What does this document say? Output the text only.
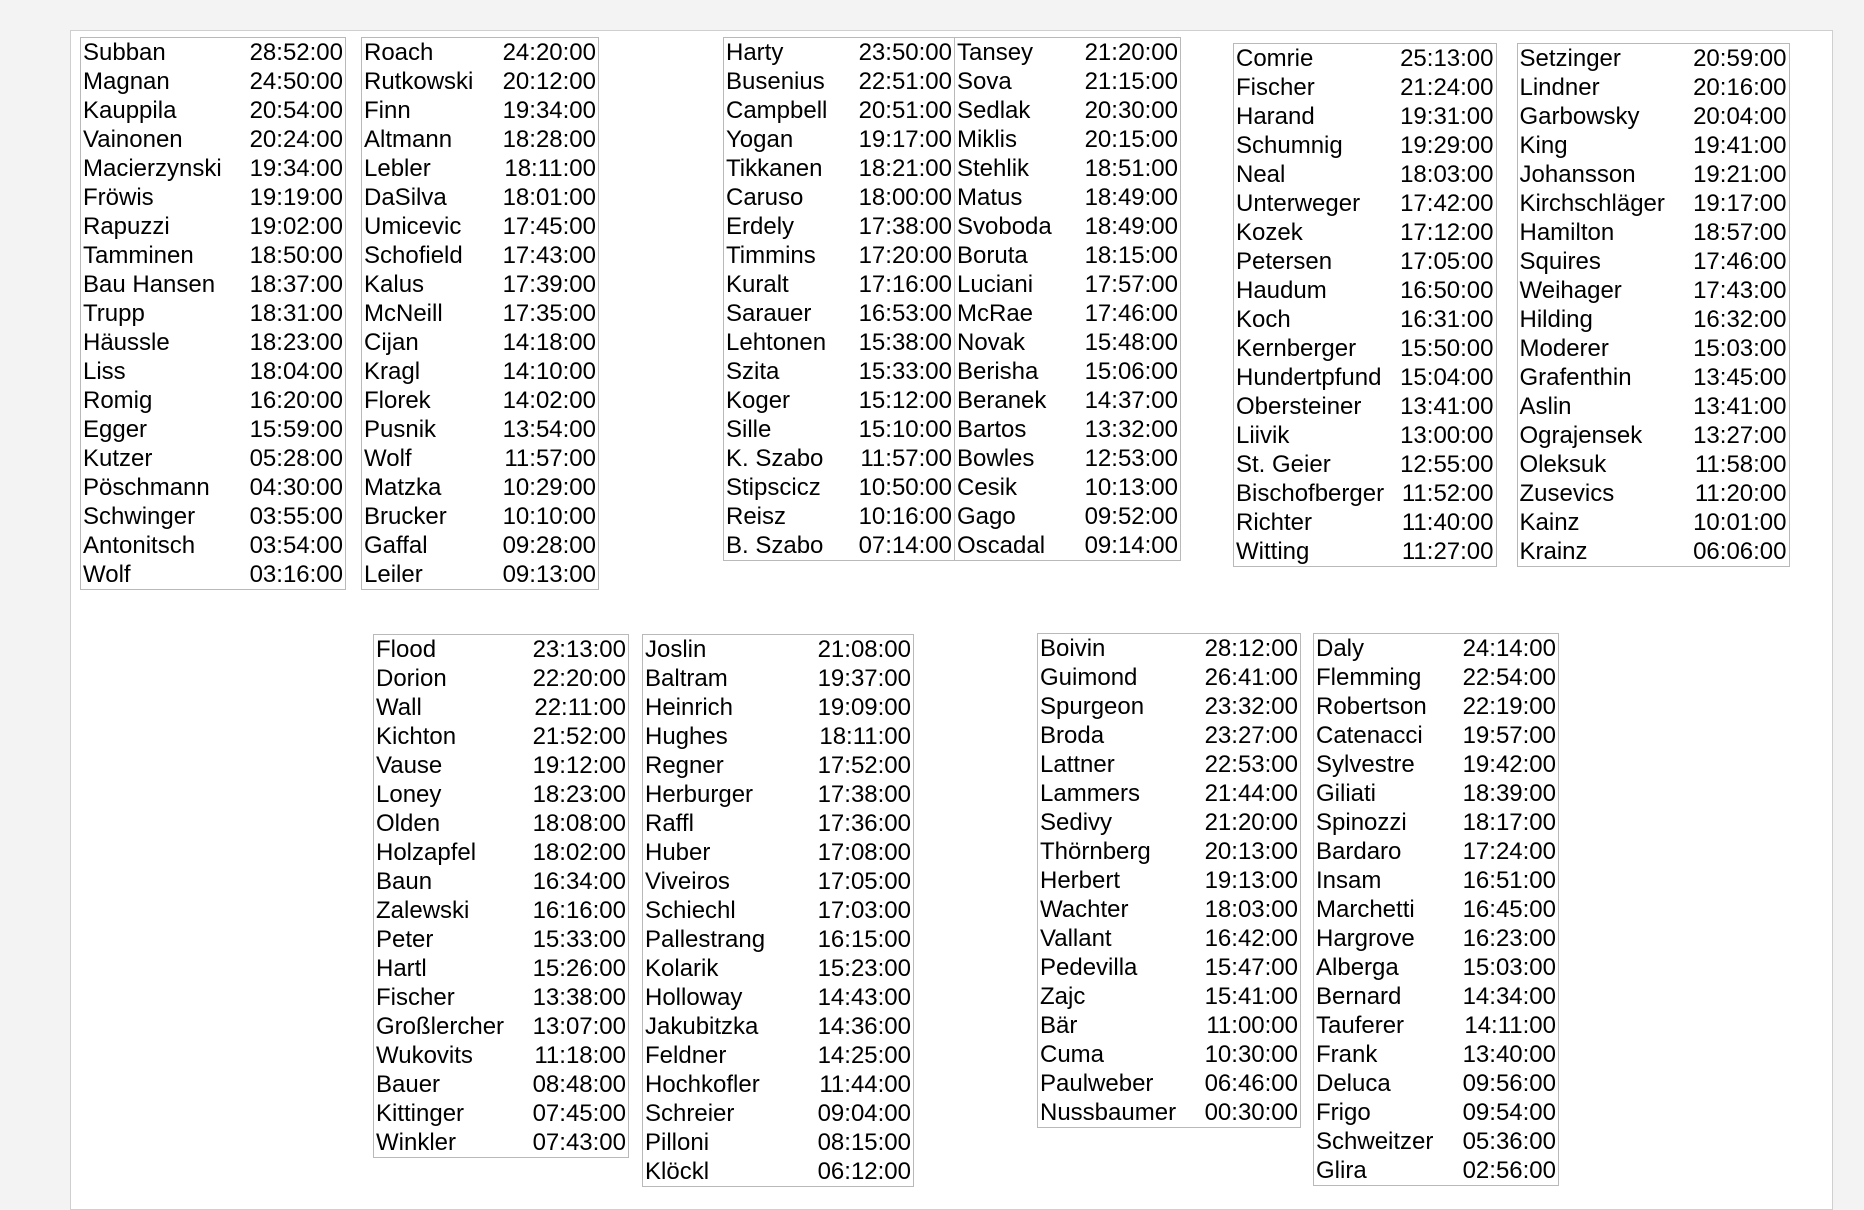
Subban	28:52:00
Magnan	24:50:00
Kauppila	20:54:00
Vainonen	20:24:00
Macierzynski	19:34:00
Fröwis	19:19:00
Rapuzzi	19:02:00
Tamminen	18:50:00
Bau Hansen	18:37:00
Trupp	18:31:00
Häussle	18:23:00
Liss	18:04:00
Romig	16:20:00
Egger	15:59:00
Kutzer	05:28:00
Pöschmann	04:30:00
Schwinger	03:55:00
Antonitsch	03:54:00
Wolf	03:16:00
Roach	24:20:00
Rutkowski	20:12:00
Finn	19:34:00
Altmann	18:28:00
Lebler	18:11:00
DaSilva	18:01:00
Umicevic	17:45:00
Schofield	17:43:00
Kalus	17:39:00
McNeill	17:35:00
Cijan	14:18:00
Kragl	14:10:00
Florek	14:02:00
Pusnik	13:54:00
Wolf	11:57:00
Matzka	10:29:00
Brucker	10:10:00
Gaffal	09:28:00
Leiler	09:13:00
Harty	23:50:00
Busenius	22:51:00
Campbell	20:51:00
Yogan	19:17:00
Tikkanen	18:21:00
Caruso	18:00:00
Erdely	17:38:00
Timmins	17:20:00
Kuralt	17:16:00
Sarauer	16:53:00
Lehtonen	15:38:00
Szita	15:33:00
Koger	15:12:00
Sille	15:10:00
K. Szabo	11:57:00
Stipscicz	10:50:00
Reisz	10:16:00
B. Szabo	07:14:00
Tansey	21:20:00
Sova	21:15:00
Sedlak	20:30:00
Miklis	20:15:00
Stehlik	18:51:00
Matus	18:49:00
Svoboda	18:49:00
Boruta	18:15:00
Luciani	17:57:00
McRae	17:46:00
Novak	15:48:00
Berisha	15:06:00
Beranek	14:37:00
Bartos	13:32:00
Bowles	12:53:00
Cesik	10:13:00
Gago	09:52:00
Oscadal	09:14:00
Comrie	25:13:00
Fischer	21:24:00
Harand	19:31:00
Schumnig	19:29:00
Neal	18:03:00
Unterweger	17:42:00
Kozek	17:12:00
Petersen	17:05:00
Haudum	16:50:00
Koch	16:31:00
Kernberger	15:50:00
Hundertpfund	15:04:00
Obersteiner	13:41:00
Liivik	13:00:00
St. Geier	12:55:00
Bischofberger	11:52:00
Richter	11:40:00
Witting	11:27:00
Setzinger	20:59:00
Lindner	20:16:00
Garbowsky	20:04:00
King	19:41:00
Johansson	19:21:00
Kirchschläger	19:17:00
Hamilton	18:57:00
Squires	17:46:00
Weihager	17:43:00
Hilding	16:32:00
Moderer	15:03:00
Grafenthin	13:45:00
Aslin	13:41:00
Ograjensek	13:27:00
Oleksuk	11:58:00
Zusevics	11:20:00
Kainz	10:01:00
Krainz	06:06:00
Flood	23:13:00
Dorion	22:20:00
Wall	22:11:00
Kichton	21:52:00
Vause	19:12:00
Loney	18:23:00
Olden	18:08:00
Holzapfel	18:02:00
Baun	16:34:00
Zalewski	16:16:00
Peter	15:33:00
Hartl	15:26:00
Fischer	13:38:00
Großlercher	13:07:00
Wukovits	11:18:00
Bauer	08:48:00
Kittinger	07:45:00
Winkler	07:43:00
Joslin	21:08:00
Baltram	19:37:00
Heinrich	19:09:00
Hughes	18:11:00
Regner	17:52:00
Herburger	17:38:00
Raffl	17:36:00
Huber	17:08:00
Viveiros	17:05:00
Schiechl	17:03:00
Pallestrang	16:15:00
Kolarik	15:23:00
Holloway	14:43:00
Jakubitzka	14:36:00
Feldner	14:25:00
Hochkofler	11:44:00
Schreier	09:04:00
Pilloni	08:15:00
Klöckl	06:12:00
Boivin	28:12:00
Guimond	26:41:00
Spurgeon	23:32:00
Broda	23:27:00
Lattner	22:53:00
Lammers	21:44:00
Sedivy	21:20:00
Thörnberg	20:13:00
Herbert	19:13:00
Wachter	18:03:00
Vallant	16:42:00
Pedevilla	15:47:00
Zajc	15:41:00
Bär	11:00:00
Cuma	10:30:00
Paulweber	06:46:00
Nussbaumer	00:30:00
Daly	24:14:00
Flemming	22:54:00
Robertson	22:19:00
Catenacci	19:57:00
Sylvestre	19:42:00
Giliati	18:39:00
Spinozzi	18:17:00
Bardaro	17:24:00
Insam	16:51:00
Marchetti	16:45:00
Hargrove	16:23:00
Alberga	15:03:00
Bernard	14:34:00
Tauferer	14:11:00
Frank	13:40:00
Deluca	09:56:00
Frigo	09:54:00
Schweitzer	05:36:00
Glira	02:56:00
